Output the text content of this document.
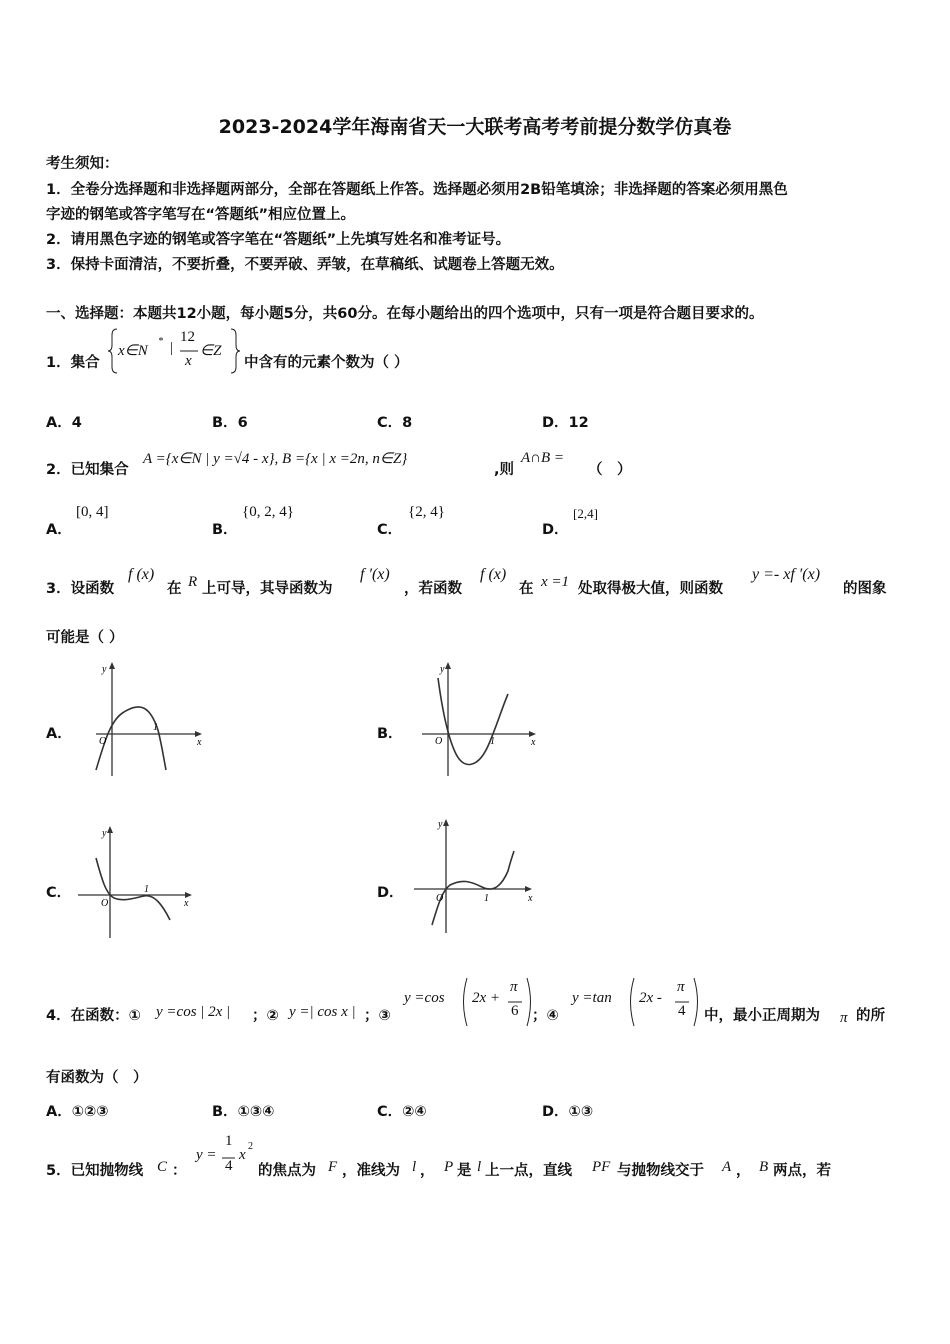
2023-2024学年海南省天一大联考高考考前提分数学仿真卷
考生须知：
1．全卷分选择题和非选择题两部分，全部在答题纸上作答。选择题必须用2B铅笔填涂；非选择题的答案必须用黑色
字迹的钢笔或答字笔写在“答题纸”相应位置上。
2．请用黑色字迹的钢笔或答字笔在“答题纸”上先填写姓名和准考证号。
3．保持卡面清洁，不要折叠，不要弄破、弄皱，在草稿纸、试题卷上答题无效。
一、选择题：本题共12小题，每小题5分，共60分。在每小题给出的四个选项中，只有一项是符合题目要求的。
1．集合
x∈N
* |
12
x
∈Z
中含有的元素个数为（ ）
A．4	B．6	C．8	D．12
2．已知集合
A ={x∈N | y =√4 - x}, B ={x | x =2n, n∈Z}
,则
A∩B =
（　）
A．
[0, 4]
B．
{0, 2, 4}
C．
{2, 4}
D．
[2,4]
3．设函数
f (x)
在 R 上可导，其导函数为
f ′(x)
，若函数
f (x)
在 x =1 处取得极大值，则函数
y =- xf ′(x)
的图象
可能是（ ）
A．
y
x
O
1	B．
y
x
O	1
C．
y
x
O
1	D．
y
x
O	1
4．在函数：① y =cos | 2x | ；② y =| cos x | ；③
y =cos 2x +
π
6 ；④
y =tan 2x -
π
4 中，最小正周期为 π 的所
有函数为（　）
A．①②③	B．①③④	C．②④	D．①③
5．已知抛物线 C ：
y =
1
4
x
2
的焦点为 F ，准线为 l ， P 是 l 上一点，直线 PF 与抛物线交于 A ， B 两点，若
